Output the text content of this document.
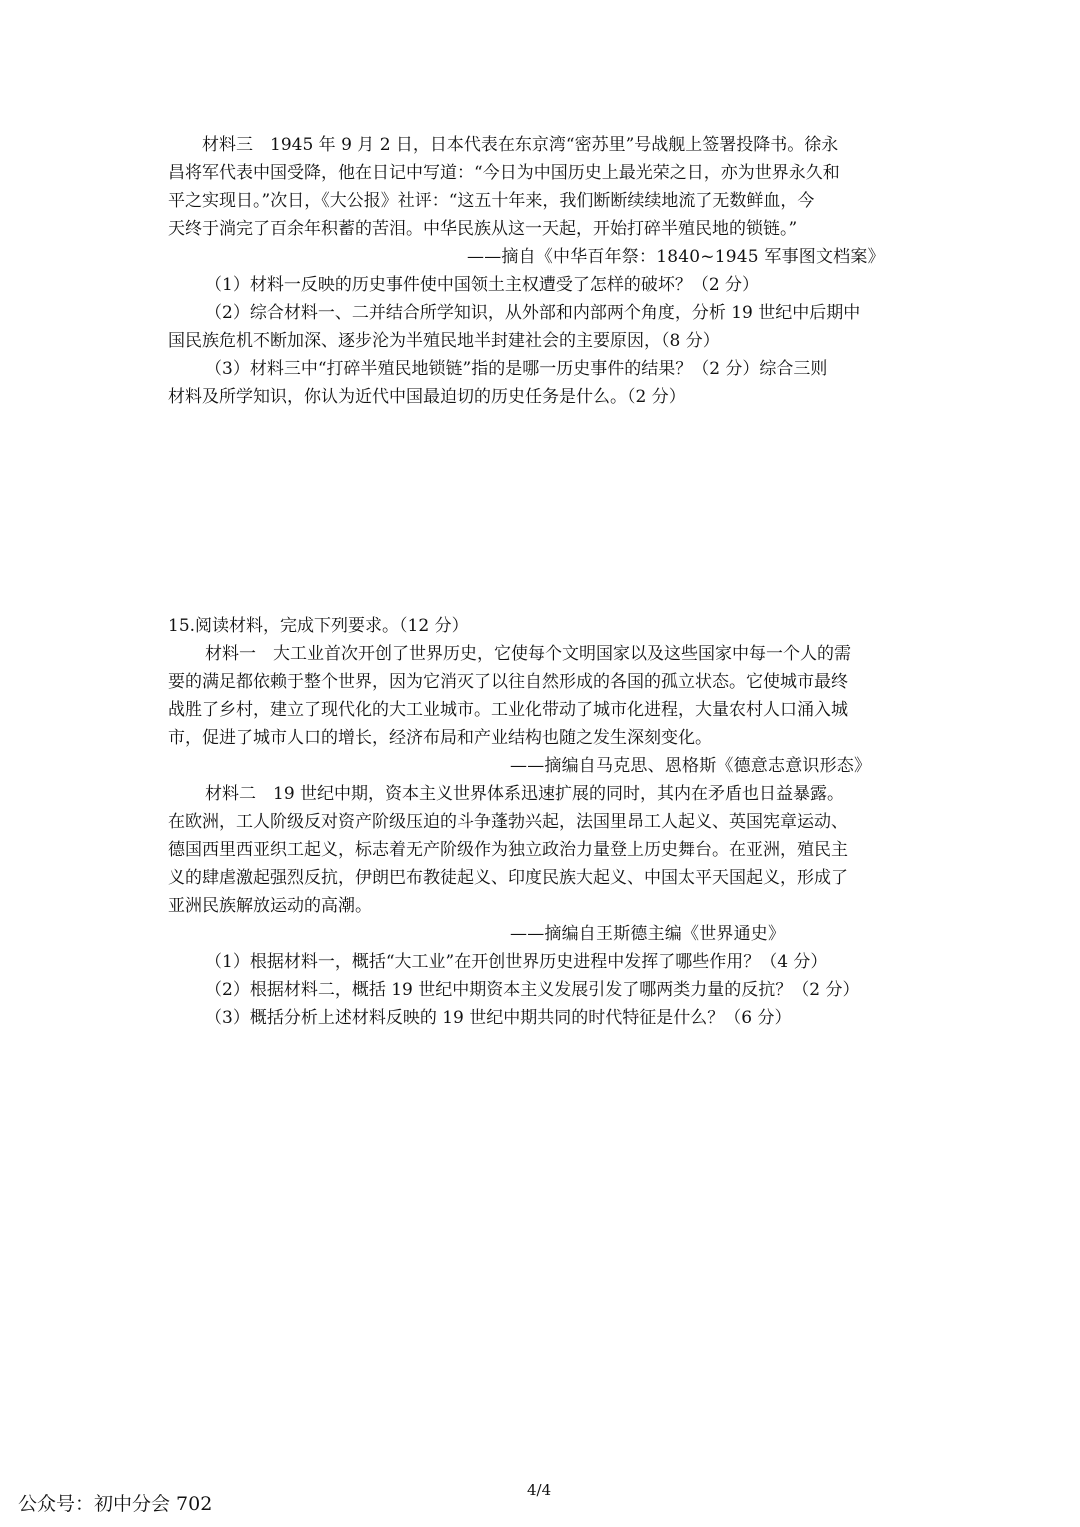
材料三　1945 年 9 月 2 日，日本代表在东京湾“密苏里”号战舰上签署投降书。徐永
昌将军代表中国受降，他在日记中写道：“今日为中国历史上最光荣之日，亦为世界永久和
平之实现日。”次日，《大公报》社评：“这五十年来，我们断断续续地流了无数鲜血，今
天终于淌完了百余年积蓄的苦泪。中华民族从这一天起，开始打碎半殖民地的锁链。”
——摘自《中华百年祭：1840~1945 军事图文档案》
（1）材料一反映的历史事件使中国领土主权遭受了怎样的破坏？（2 分）
（2）综合材料一、二并结合所学知识，从外部和内部两个角度，分析 19 世纪中后期中
国民族危机不断加深、逐步沦为半殖民地半封建社会的主要原因，（8 分）
（3）材料三中“打碎半殖民地锁链”指的是哪一历史事件的结果？（2 分）综合三则
材料及所学知识，你认为近代中国最迫切的历史任务是什么。（2 分）
15.阅读材料，完成下列要求。（12 分）
材料一　大工业首次开创了世界历史，它使每个文明国家以及这些国家中每一个人的需
要的满足都依赖于整个世界，因为它消灭了以往自然形成的各国的孤立状态。它使城市最终
战胜了乡村，建立了现代化的大工业城市。工业化带动了城市化进程，大量农村人口涌入城
市，促进了城市人口的增长，经济布局和产业结构也随之发生深刻变化。
——摘编自马克思、恩格斯《德意志意识形态》
材料二　19 世纪中期，资本主义世界体系迅速扩展的同时，其内在矛盾也日益暴露。
在欧洲，工人阶级反对资产阶级压迫的斗争蓬勃兴起，法国里昂工人起义、英国宪章运动、
德国西里西亚织工起义，标志着无产阶级作为独立政治力量登上历史舞台。在亚洲，殖民主
义的肆虐激起强烈反抗，伊朗巴布教徒起义、印度民族大起义、中国太平天国起义，形成了
亚洲民族解放运动的高潮。
——摘编自王斯德主编《世界通史》
（1）根据材料一，概括“大工业”在开创世界历史进程中发挥了哪些作用？（4 分）
（2）根据材料二，概括 19 世纪中期资本主义发展引发了哪两类力量的反抗？（2 分）
（3）概括分析上述材料反映的 19 世纪中期共同的时代特征是什么？（6 分）
公众号：初中分会 702
4/4
